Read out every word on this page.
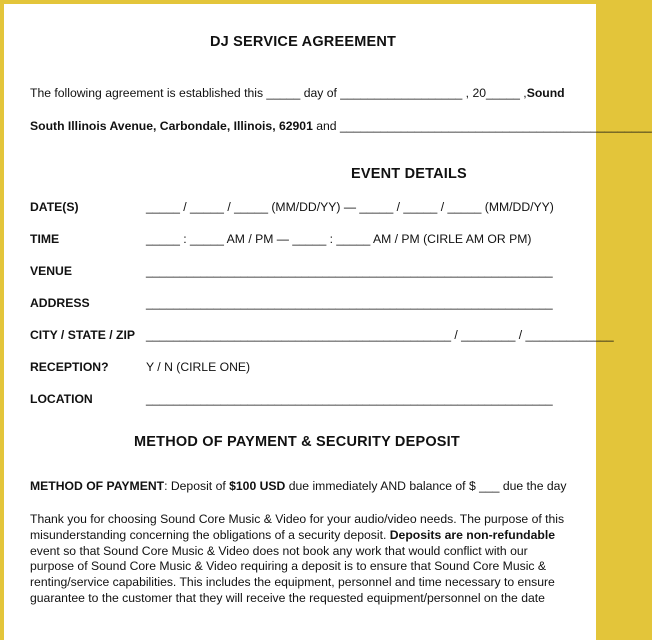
DJ SERVICE AGREEMENT
The following agreement is established this _____ day of __________________ , 20_____ ,Sound
South Illinois Avenue, Carbondale, Illinois, 62901 and ______________________________________________
EVENT DETAILS
DATE(S)	_____ / _____ / _____ (MM/DD/YY) — _____ / _____ / _____ (MM/DD/YY)
TIME	_____ : _____ AM / PM — _____ : _____ AM / PM (CIRLE AM OR PM)
VENUE	____________________________________________________________
ADDRESS	____________________________________________________________
CITY / STATE / ZIP _____________________________________________ / ________ / _____________
RECEPTION?	Y / N (CIRLE ONE)
LOCATION	____________________________________________________________
METHOD OF PAYMENT & SECURITY DEPOSIT
METHOD OF PAYMENT: Deposit of $100 USD due immediately AND balance of $ ___ due the day

Thank you for choosing Sound Core Music & Video for your audio/video needs. The purpose of this

misunderstanding concerning the obligations of a security deposit. Deposits are non-refundable

event so that Sound Core Music & Video does not book any work that would conflict with our

purpose of Sound Core Music & Video requiring a deposit is to ensure that Sound Core Music &

renting/service capabilities. This includes the equipment, personnel and time necessary to ensure

guarantee to the customer that they will receive the requested equipment/personnel on the date
